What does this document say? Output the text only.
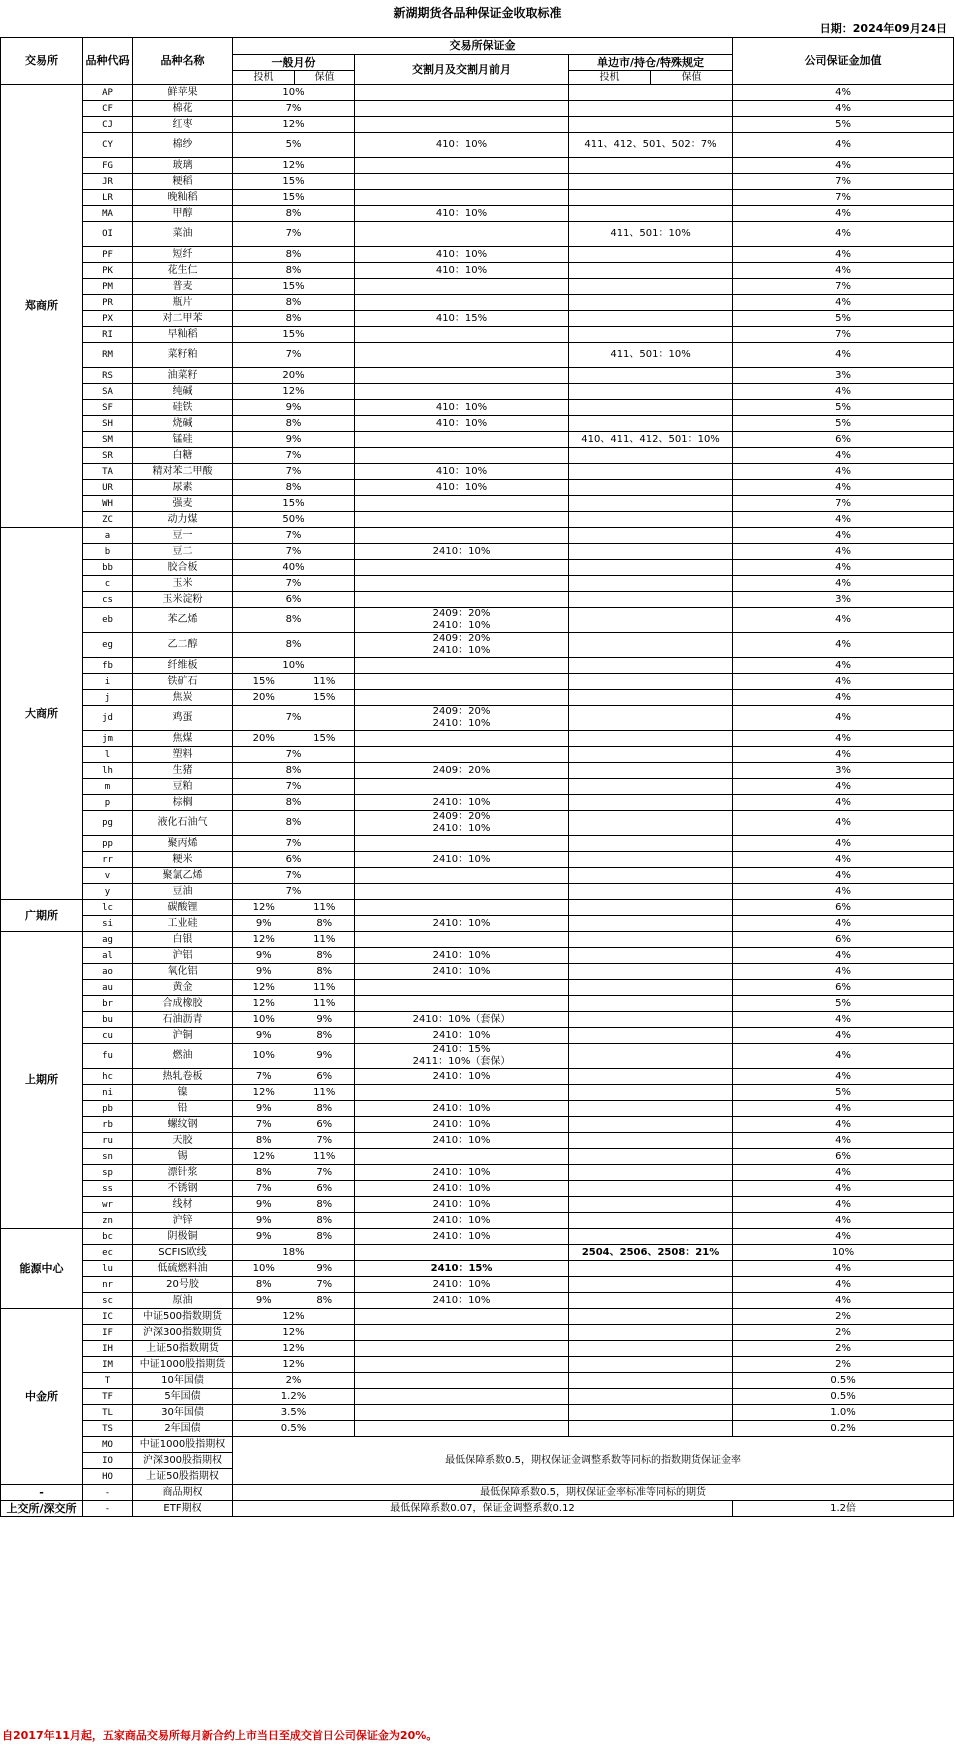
新湖期货各品种保证金收取标准
日期：2024年09月24日
交易所	品种代码	品种名称	交易所保证金					公司保证金加值
			一般月份		交割月及交割月前月	单边市/持仓/特殊规定		
			投机	保值		投机	保值	
郑商所	AP	鲜苹果	10%					4%
	CF	棉花	7%					4%
	CJ	红枣	12%					5%
	CY	棉纱	5%		410：10%	411、412、501、502：7%		4%
	FG	玻璃	12%					4%
	JR	粳稻	15%					7%
	LR	晚籼稻	15%					7%
	MA	甲醇	8%		410：10%			4%
	OI	菜油	7%			411、501：10%		4%
	PF	短纤	8%		410：10%			4%
	PK	花生仁	8%		410：10%			4%
	PM	普麦	15%					7%
	PR	瓶片	8%					4%
	PX	对二甲苯	8%		410：15%			5%
	RI	早籼稻	15%					7%
	RM	菜籽粕	7%			411、501：10%		4%
	RS	油菜籽	20%					3%
	SA	纯碱	12%					4%
	SF	硅铁	9%		410：10%			5%
	SH	烧碱	8%		410：10%			5%
	SM	锰硅	9%			410、411、412、501：10%		6%
	SR	白糖	7%					4%
	TA	精对苯二甲酸	7%		410：10%			4%
	UR	尿素	8%		410：10%			4%
	WH	强麦	15%					7%
	ZC	动力煤	50%					4%
大商所	a	豆一	7%					4%
	b	豆二	7%		2410：10%			4%
	bb	胶合板	40%					4%
	c	玉米	7%					4%
	cs	玉米淀粉	6%					3%
	eb	苯乙烯	8%		2409：20%
2410：10%			4%
	eg	乙二醇	8%		2409：20%
2410：10%			4%
	fb	纤维板	10%					4%
	i	铁矿石	15%	11%				4%
	j	焦炭	20%	15%				4%
	jd	鸡蛋	7%		2409：20%
2410：10%			4%
	jm	焦煤	20%	15%				4%
	l	塑料	7%					4%
	lh	生猪	8%		2409：20%			3%
	m	豆粕	7%					4%
	p	棕榈	8%		2410：10%			4%
	pg	液化石油气	8%		2409：20%
2410：10%			4%
	pp	聚丙烯	7%					4%
	rr	粳米	6%		2410：10%			4%
	v	聚氯乙烯	7%					4%
	y	豆油	7%					4%
广期所	lc	碳酸锂	12%	11%				6%
	si	工业硅	9%	8%	2410：10%			4%
上期所	ag	白银	12%	11%				6%
	al	沪铝	9%	8%	2410：10%			4%
	ao	氧化铝	9%	8%	2410：10%			4%
	au	黄金	12%	11%				6%
	br	合成橡胶	12%	11%				5%
	bu	石油沥青	10%	9%	2410：10%（套保）			4%
	cu	沪铜	9%	8%	2410：10%			4%
	fu	燃油	10%	9%	2410：15%
2411：10%（套保）			4%
	hc	热轧卷板	7%	6%	2410：10%			4%
	ni	镍	12%	11%				5%
	pb	铅	9%	8%	2410：10%			4%
	rb	螺纹钢	7%	6%	2410：10%			4%
	ru	天胶	8%	7%	2410：10%			4%
	sn	锡	12%	11%				6%
	sp	漂针浆	8%	7%	2410：10%			4%
	ss	不锈钢	7%	6%	2410：10%			4%
	wr	线材	9%	8%	2410：10%			4%
	zn	沪锌	9%	8%	2410：10%			4%
能源中心	bc	阴极铜	9%	8%	2410：10%			4%
	ec	SCFIS欧线	18%			2504、2506、2508：21%		10%
	lu	低硫燃料油	10%	9%	2410：15%			4%
	nr	20号胶	8%	7%	2410：10%			4%
	sc	原油	9%	8%	2410：10%			4%
中金所	IC	中证500指数期货	12%					2%
	IF	沪深300指数期货	12%					2%
	IH	上证50指数期货	12%					2%
	IM	中证1000股指期货	12%					2%
	T	10年国债	2%					0.5%
	TF	5年国债	1.2%					0.5%
	TL	30年国债	3.5%					1.0%
	TS	2年国债	0.5%					0.2%
	MO	中证1000股指期权	最低保障系数0.5，期权保证金调整系数等同标的指数期货保证金率					
	IO	沪深300股指期权						
	HO	上证50股指期权						
-	-	商品期权	最低保障系数0.5，期权保证金率标准等同标的期货					
上交所/深交所	-	ETF期权	最低保障系数0.07，保证金调整系数0.12					1.2倍
自2017年11月起，五家商品交易所每月新合约上市当日至成交首日公司保证金为20%。
